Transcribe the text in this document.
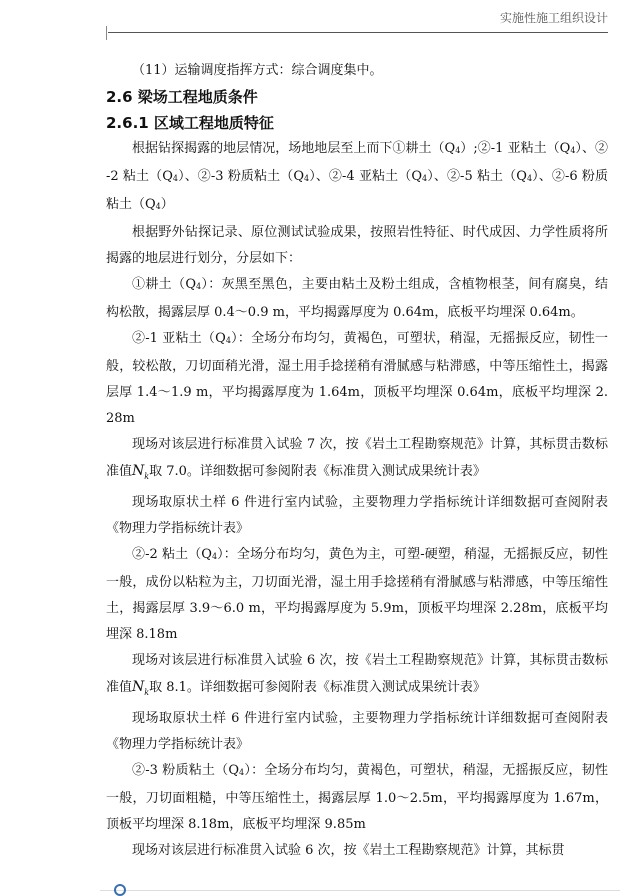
实施性施工组织设计

（11）运输调度指挥方式：综合调度集中。

2.6 梁场工程地质条件

2.6.1 区域工程地质特征

根据钻探揭露的地层情况，场地地层至上而下①耕土（Q4）;②-1 亚粘土（Q4）、②-2 粘土（Q4）、②-3 粉质粘土（Q4）、②-4 亚粘土（Q4）、②-5 粘土（Q4）、②-6 粉质粘土（Q4）

根据野外钻探记录、原位测试试验成果，按照岩性特征、时代成因、力学性质将所揭露的地层进行划分，分层如下：

①耕土（Q4）：灰黑至黑色，主要由粘土及粉土组成，含植物根茎，间有腐臭，结构松散，揭露层厚 0.4～0.9 m，平均揭露厚度为 0.64m，底板平均埋深 0.64m。

②-1 亚粘土（Q4）：全场分布均匀，黄褐色，可塑状，稍湿，无摇振反应，韧性一般，较松散，刀切面稍光滑，湿土用手捻搓稍有滑腻感与粘滞感，中等压缩性土，揭露层厚 1.4～1.9 m，平均揭露厚度为 1.64m，顶板平均埋深 0.64m，底板平均埋深 2.28m

现场对该层进行标准贯入试验 7 次，按《岩土工程勘察规范》计算，其标贯击数标准值$N_k$取 7.0。详细数据可参阅附表《标准贯入测试成果统计表》

现场取原状土样 6 件进行室内试验，主要物理力学指标统计详细数据可查阅附表《物理力学指标统计表》

②-2 粘土（Q4）：全场分布均匀，黄色为主，可塑-硬塑，稍湿，无摇振反应，韧性一般，成份以粘粒为主，刀切面光滑，湿土用手捻搓稍有滑腻感与粘滞感，中等压缩性土，揭露层厚 3.9～6.0 m，平均揭露厚度为 5.9m，顶板平均埋深 2.28m，底板平均埋深 8.18m

现场对该层进行标准贯入试验 6 次，按《岩土工程勘察规范》计算，其标贯击数标准值$N_k$取 8.1。详细数据可参阅附表《标准贯入测试成果统计表》

现场取原状土样 6 件进行室内试验，主要物理力学指标统计详细数据可查阅附表《物理力学指标统计表》

②-3 粉质粘土（Q4）：全场分布均匀，黄褐色，可塑状，稍湿，无摇振反应，韧性一般，刀切面粗糙，中等压缩性土，揭露层厚 1.0～2.5m，平均揭露厚度为 1.67m，顶板平均埋深 8.18m，底板平均埋深 9.85m

现场对该层进行标准贯入试验 6 次，按《岩土工程勘察规范》计算，其标贯
